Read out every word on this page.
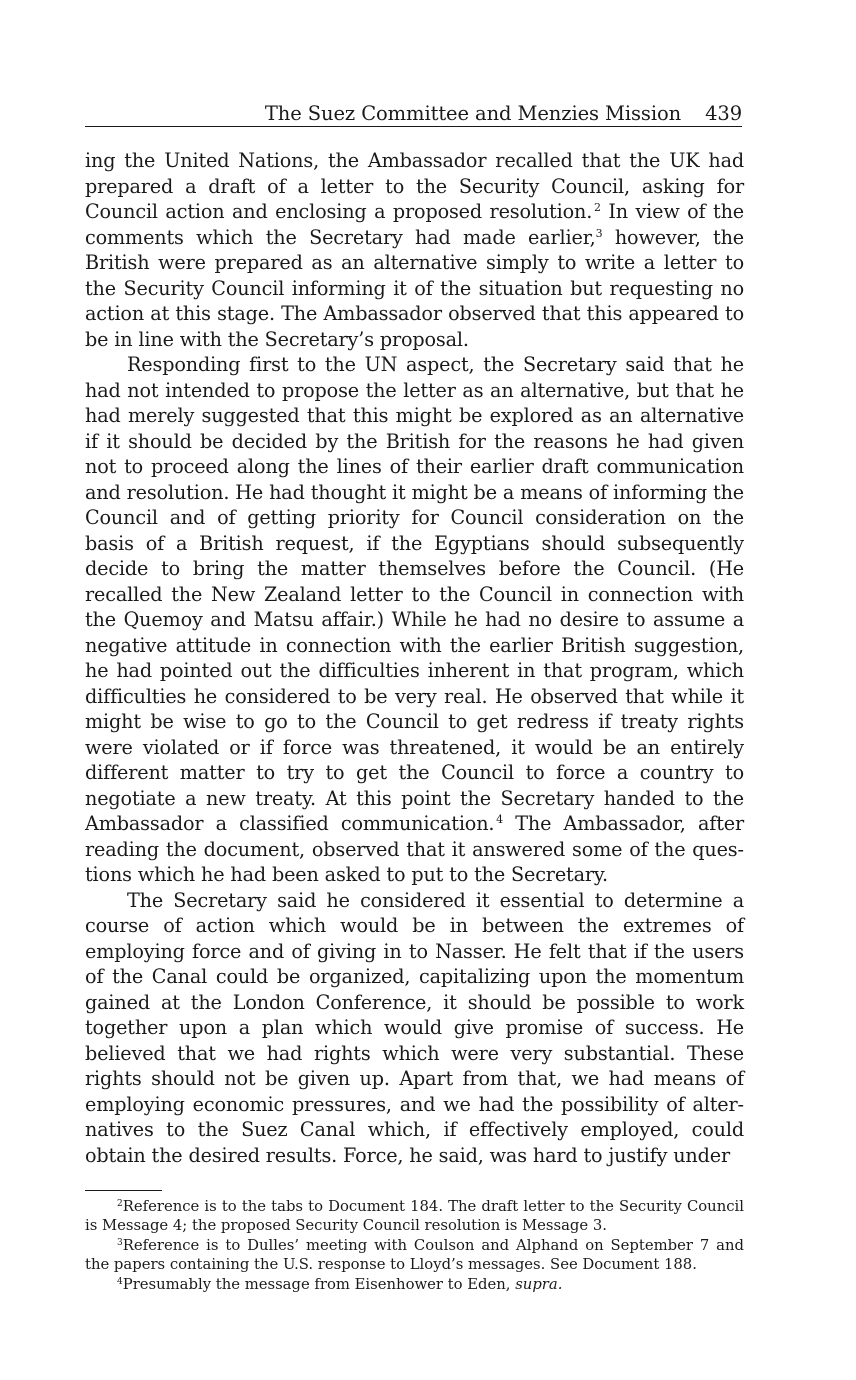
The Suez Committee and Menzies Mission 439

ing the United Nations, the Ambassador recalled that the UK had prepared a draft of a letter to the Security Council, asking for Council action and enclosing a proposed resolution.  $^2$ In view of the comments which the Secretary had made earlier,$^3$ however, the British were prepared as an alternative simply to write a letter to the Security Council informing it of the situation but requesting no action at this stage. The Ambassador observed that this appeared to be in line with the Secretary’s proposal.

Responding first to the UN aspect, the Secretary said that he had not intended to propose the letter as an alternative, but that he had merely suggested that this might be explored as an alternative if it should be decided by the British for the reasons he had given not to proceed along the lines of their earlier draft communication and resolution. He had thought it might be a means of informing the Council and of getting priority for Council consideration on the basis of a British request, if the Egyptians should subsequently decide to bring the matter themselves before the Council. (He recalled the New Zealand letter to the Council in connection with the Quemoy and Matsu affair.) While he had no desire to assume a negative attitude in connection with the earlier British suggestion, he had pointed out the difficulties inherent in that program, which difficulties he considered to be very real. He observed that while it might be wise to go to the Council to get redress if treaty rights were violated or if force was threatened, it would be an entirely different matter to try to get the Council to force a country to negotiate a new treaty. At this point the Secretary handed to the Ambassador a classified communication.  $^4$ The Ambassador, after reading the document, observed that it answered some of the questions which he had been asked to put to the Secretary.

The Secretary said he considered it essential to determine a course of action which would be in between the extremes of employing force and of giving in to Nasser. He felt that if the users of the Canal could be organized, capitalizing upon the momentum gained at the London Conference, it should be possible to work together upon a plan which would give promise of success. He believed that we had rights which were very substantial. These rights should not be given up. Apart from that, we had means of employing economic pressures, and we had the possibility of alternatives to the Suez Canal which, if effectively employed, could obtain the desired results. Force, he said, was hard to justify under

$^2$Reference is to the tabs to Document 184. The draft letter to the Security Council is Message 4; the proposed Security Council resolution is Message 3.

$^3$Reference is to Dulles’ meeting with Coulson and Alphand on September 7 and the papers containing the U.S. response to Lloyd’s messages. See Document 188.

$^4$Presumably the message from Eisenhower to Eden, supra.
